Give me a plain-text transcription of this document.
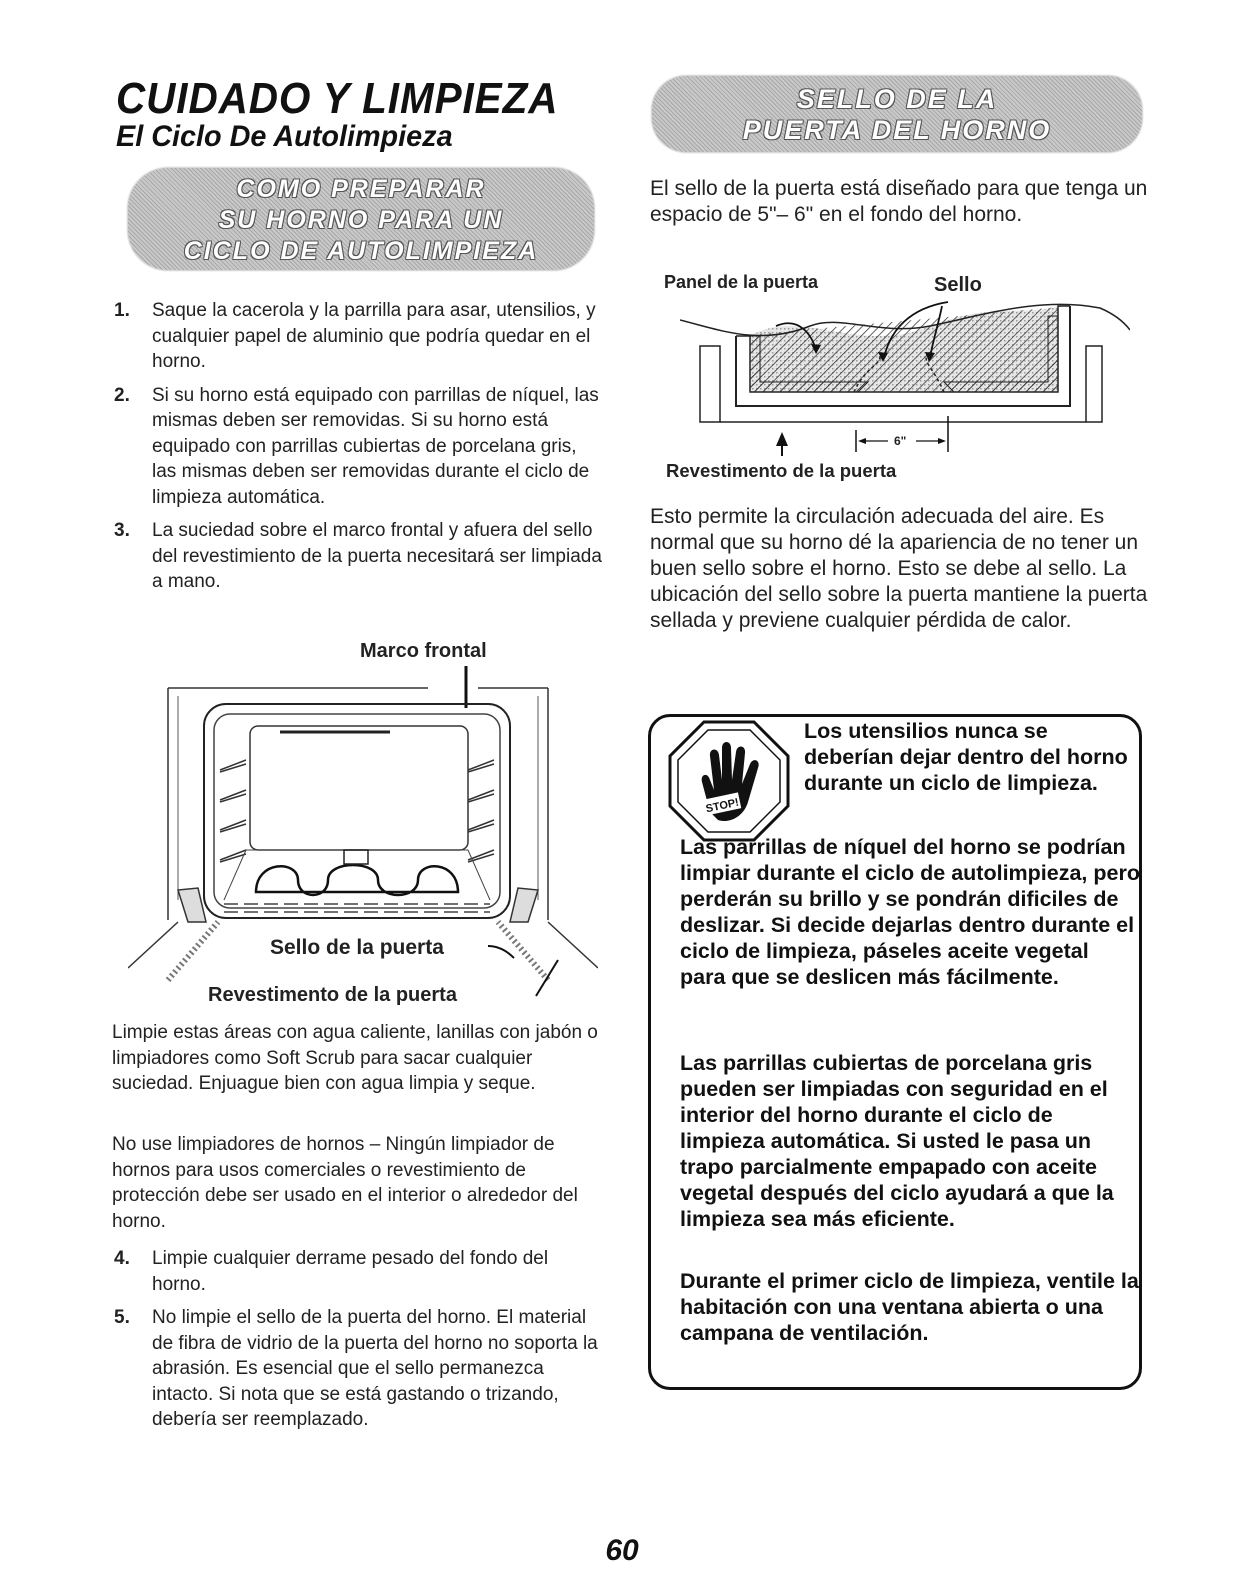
CUIDADO Y LIMPIEZA
El Ciclo De Autolimpieza
COMO PREPARAR
SU HORNO PARA UN
CICLO DE AUTOLIMPIEZA
1. Saque la cacerola y la parrilla para asar, utensilios, y cualquier papel de aluminio que podría quedar en el horno.
2. Si su horno está equipado con parrillas de níquel, las mismas deben ser removidas. Si su horno está equipado con parrillas cubiertas de porcelana gris, las mismas deben ser removidas durante el ciclo de limpieza automática.
3. La suciedad sobre el marco frontal y afuera del sello del revestimiento de la puerta necesitará ser limpiada a mano.
Marco frontal
Sello de la puerta
Revestimento de la puerta
Limpie estas áreas con agua caliente, lanillas con jabón o limpiadores como Soft Scrub para sacar cualquier suciedad. Enjuague bien con agua limpia y seque.
No use limpiadores de hornos – Ningún limpiador de hornos para usos comerciales o revestimiento de protección debe ser usado en el interior o alrededor del horno.
4. Limpie cualquier derrame pesado del fondo del horno.
5. No limpie el sello de la puerta del horno. El material de fibra de vidrio de la puerta del horno no soporta la abrasión. Es esencial que el sello permanezca intacto. Si nota que se está gastando o trizando, debería ser reemplazado.
SELLO DE LA
PUERTA DEL HORNO
El sello de la puerta está diseñado para que tenga un espacio de 5"– 6" en el fondo del horno.
Panel de la puerta	Sello
6"
Revestimento de la puerta
Esto permite la circulación adecuada del aire. Es normal que su horno dé la apariencia de no tener un buen sello sobre el horno. Esto se debe al sello. La ubicación del sello sobre la puerta mantiene la puerta sellada y previene cualquier pérdida de calor.
STOP!
Los utensilios nunca se deberían dejar dentro del horno durante un ciclo de limpieza.
Las parrillas de níquel del horno se podrían limpiar durante el ciclo de autolimpieza, pero perderán su brillo y se pondrán dificiles de deslizar. Si decide dejarlas dentro durante el ciclo de limpieza, páseles aceite vegetal para que se deslicen más fácilmente.
Las parrillas cubiertas de porcelana gris pueden ser limpiadas con seguridad en el interior del horno durante el ciclo de limpieza automática. Si usted le pasa un trapo parcialmente empapado con aceite vegetal después del ciclo ayudará a que la limpieza sea más eficiente.
Durante el primer ciclo de limpieza, ventile la habitación con una ventana abierta o una campana de ventilación.
60
